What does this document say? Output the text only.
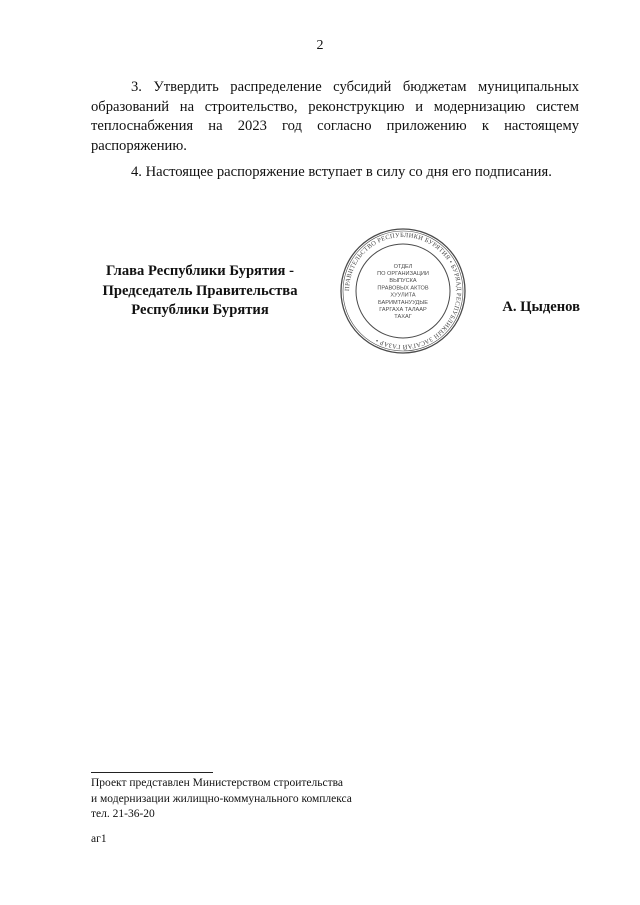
2

3. Утвердить распределение субсидий бюджетам муниципальных образований на строительство, реконструкцию и модернизацию систем теплоснабжения на 2023 год согласно приложению к настоящему распоряжению.

4. Настоящее распоряжение вступает в силу со дня его подписания.

Глава Республики Бурятия -
Председатель Правительства
Республики Бурятия
ПРАВИТЕЛЬСТВО РЕСПУБЛИКИ БУРЯТИЯ • БУРЯАД РЕСПУБЛИКЫН ЗАСАГАЙ ГАЗАР •
ОТДЕЛ
ПО ОРГАНИЗАЦИИ
ВЫПУСКА
ПРАВОВЫХ АКТОВ
ХУУЛИТА
БАРИМТАНУУДЫЕ
ГАРГАХА ТАЛААР
ТАХАГ
А. Цыденов
Проект представлен Министерством строительства
и модернизации жилищно-коммунального комплекса
тел. 21-36-20
аг1
